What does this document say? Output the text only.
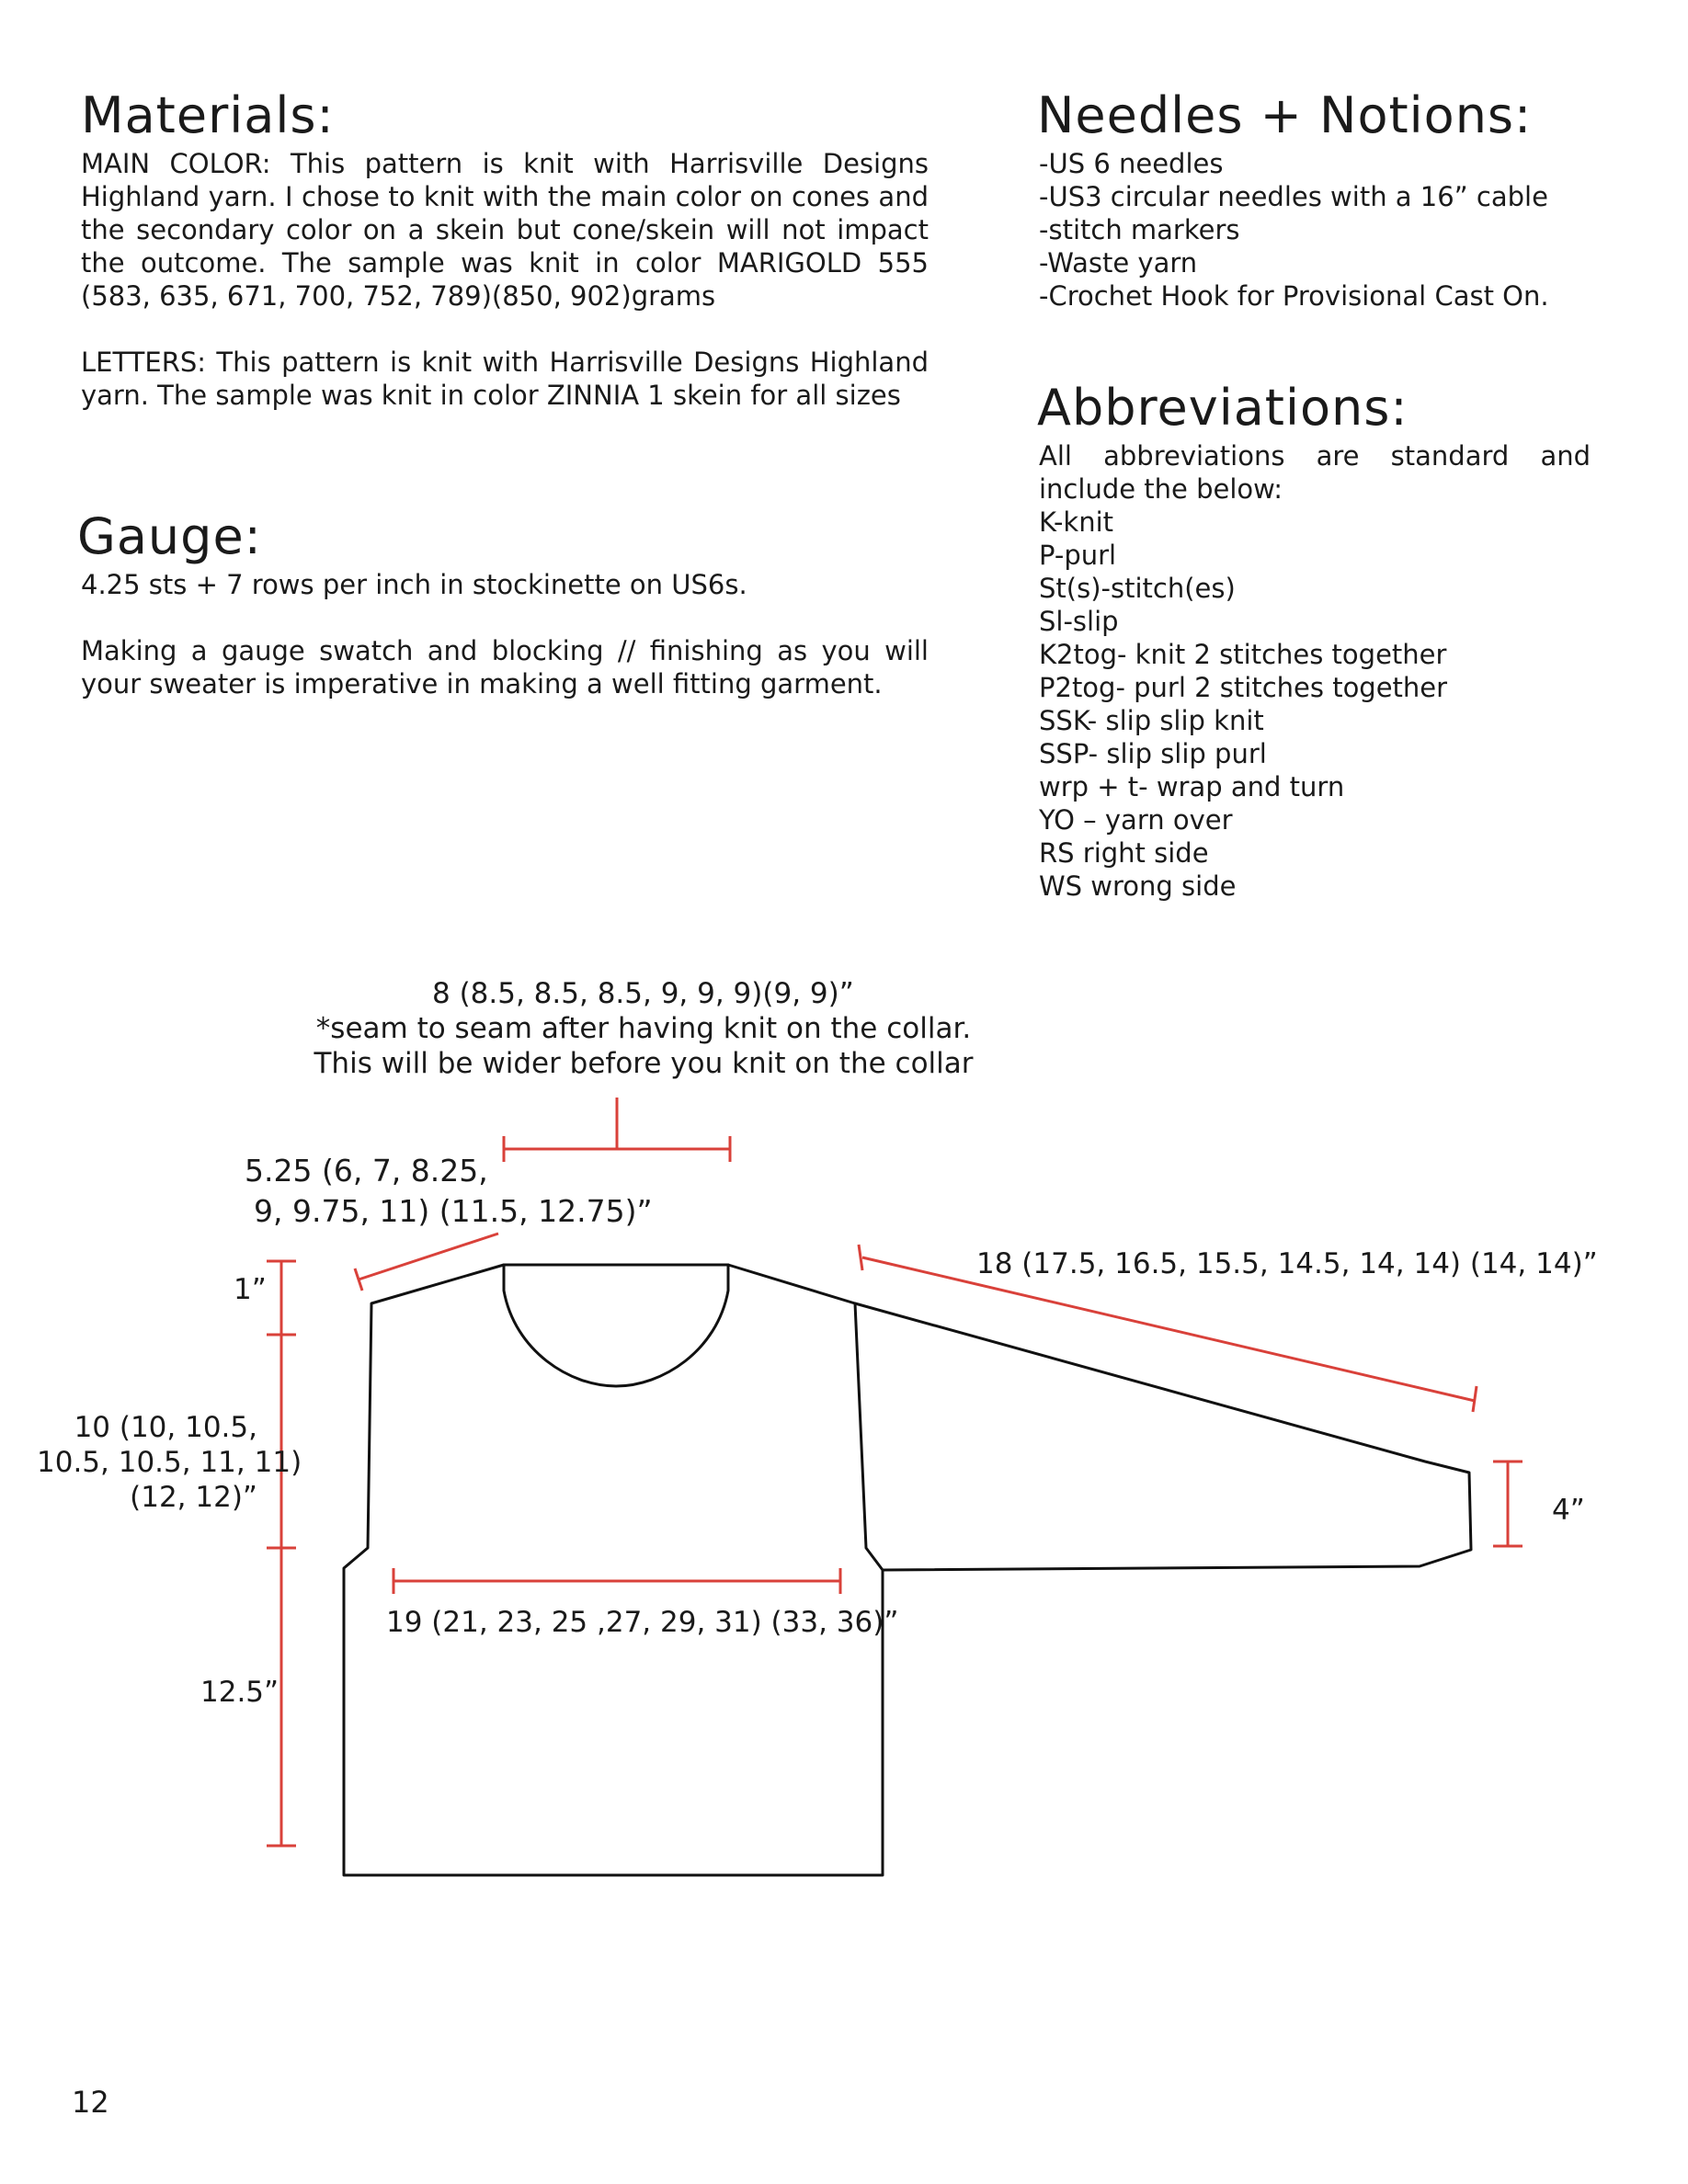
Materials:

MAIN COLOR: This pattern is knit with Harrisville Designs Highland yarn. I chose to knit with the main color on cones and the secondary color on a skein but cone/skein will not impact the outcome. The sample was knit in color MARIGOLD 555 (583, 635, 671, 700, 752, 789)(850, 902)grams

LETTERS: This pattern is knit with Harrisville Designs Highland yarn. The sample was knit in color ZINNIA 1 skein for all sizes

Gauge:

4.25 sts + 7 rows per inch in stockinette on US6s.

Making a gauge swatch and blocking // finishing as you will your sweater is imperative in making a well fitting garment.

Needles + Notions:
-US 6 needles
-US3 circular needles with a 16” cable
-stitch markers
-Waste yarn
-Crochet Hook for Provisional Cast On.
Abbreviations:

All abbreviations are standard and include the below:

K-knit
P-purl
St(s)-stitch(es)
Sl-slip
K2tog- knit 2 stitches together
P2tog- purl 2 stitches together
SSK- slip slip knit
SSP- slip slip purl
wrp + t- wrap and turn
YO – yarn over
RS right side
WS wrong side
8 (8.5, 8.5, 8.5, 9, 9, 9)(9, 9)”
*seam to seam after having knit on the collar.
This will be wider before you knit on the collar
5.25 (6, 7, 8.25,
9, 9.75, 11) (11.5, 12.75)”
1”
10 (10, 10.5,
10.5, 10.5, 11, 11)
(12, 12)”
12.5”
19 (21, 23, 25 ,27, 29, 31) (33, 36)”
18 (17.5, 16.5, 15.5, 14.5, 14, 14) (14, 14)”
4”
12
